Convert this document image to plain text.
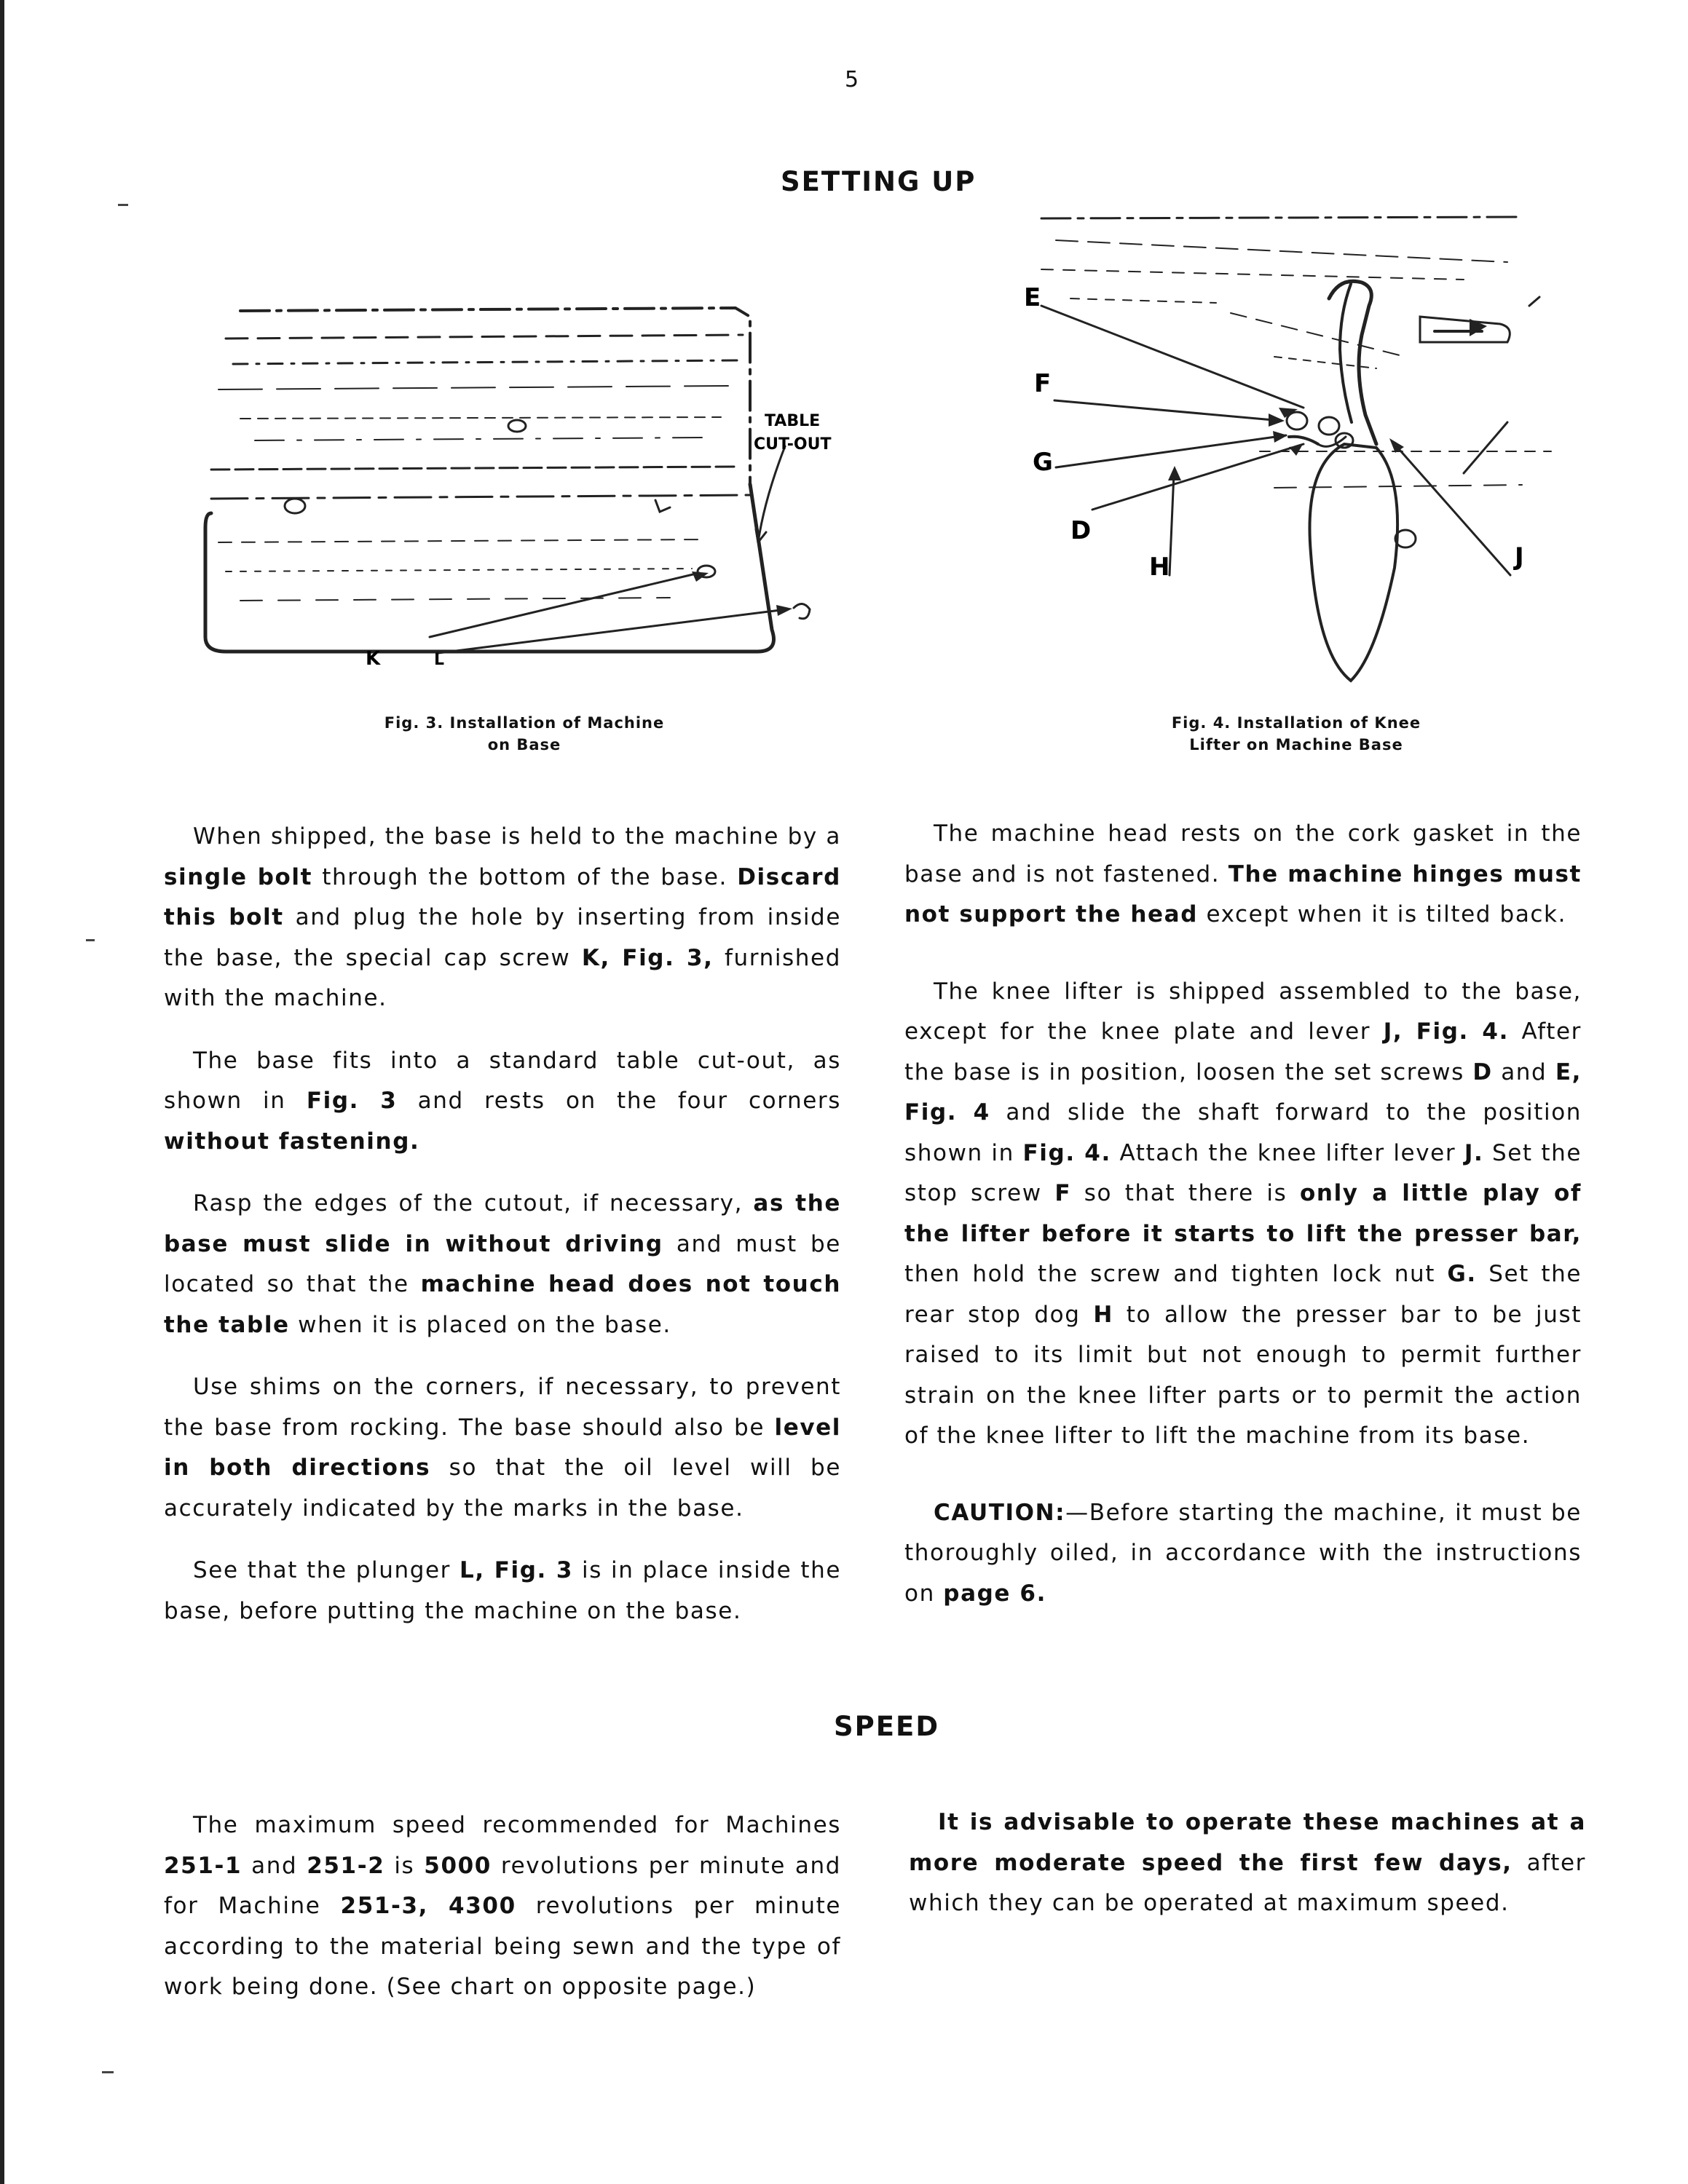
5
SETTING UP
TABLE
CUT-OUT
K	L
Fig. 3. Installation of Machine
on Base
E
F
G
D
H	J
Fig. 4. Installation of Knee
Lifter on Machine Base

When shipped, the base is held to the machine by a single bolt through the bottom of the base. Discard this bolt and plug the hole by inserting from inside the base, the special cap screw K, Fig. 3, furnished with the machine.

The base fits into a standard table cut-out, as shown in Fig. 3 and rests on the four corners without fastening.

Rasp the edges of the cutout, if necessary, as the base must slide in without driving and must be located so that the machine head does not touch the table when it is placed on the base.

Use shims on the corners, if necessary, to prevent the base from rocking. The base should also be level in both directions so that the oil level will be accurately indicated by the marks in the base.

See that the plunger L, Fig. 3 is in place inside the base, before putting the machine on the base.

The machine head rests on the cork gasket in the base and is not fastened. The machine hinges must not support the head except when it is tilted back.

The knee lifter is shipped assembled to the base, except for the knee plate and lever J, Fig. 4. After the base is in position, loosen the set screws D and E, Fig. 4 and slide the shaft forward to the position shown in Fig. 4. Attach the knee lifter lever J. Set the stop screw F so that there is only a little play of the lifter before it starts to lift the presser bar, then hold the screw and tighten lock nut G. Set the rear stop dog H to allow the presser bar to be just raised to its limit but not enough to permit further strain on the knee lifter parts or to permit the action of the knee lifter to lift the machine from its base.

CAUTION:—Before starting the machine, it must be thoroughly oiled, in accordance with the instructions on page 6.

SPEED

The maximum speed recommended for Machines 251-1 and 251-2 is 5000 revolutions per minute and for Machine 251-3, 4300 revolutions per minute according to the material being sewn and the type of work being done. (See chart on opposite page.)

It is advisable to operate these machines at a more moderate speed the first few days, after which they can be operated at maximum speed.
